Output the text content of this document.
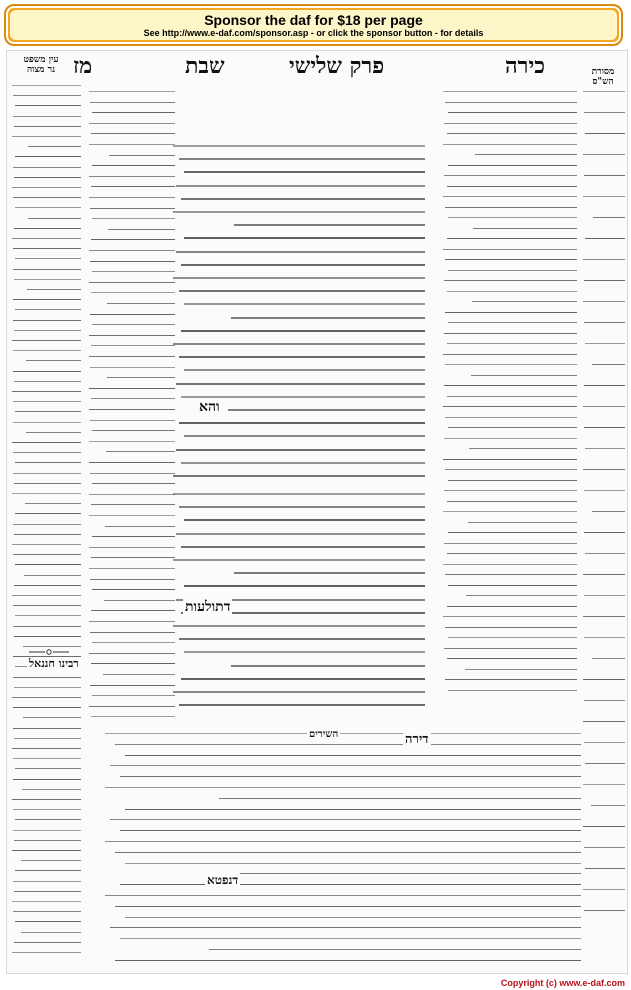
Sponsor the daf for $18 per page
See http://www.e-daf.com/sponsor.asp - or click the sponsor button - for details
עין משפט
נר מצוה	מז	שבת	פרק שלישי	כירה	מסורת
הש"ס
והא
דתולעות
רבינו חננאל
דירה
דנפטא
השירים
Copyright (c) www.e-daf.com
